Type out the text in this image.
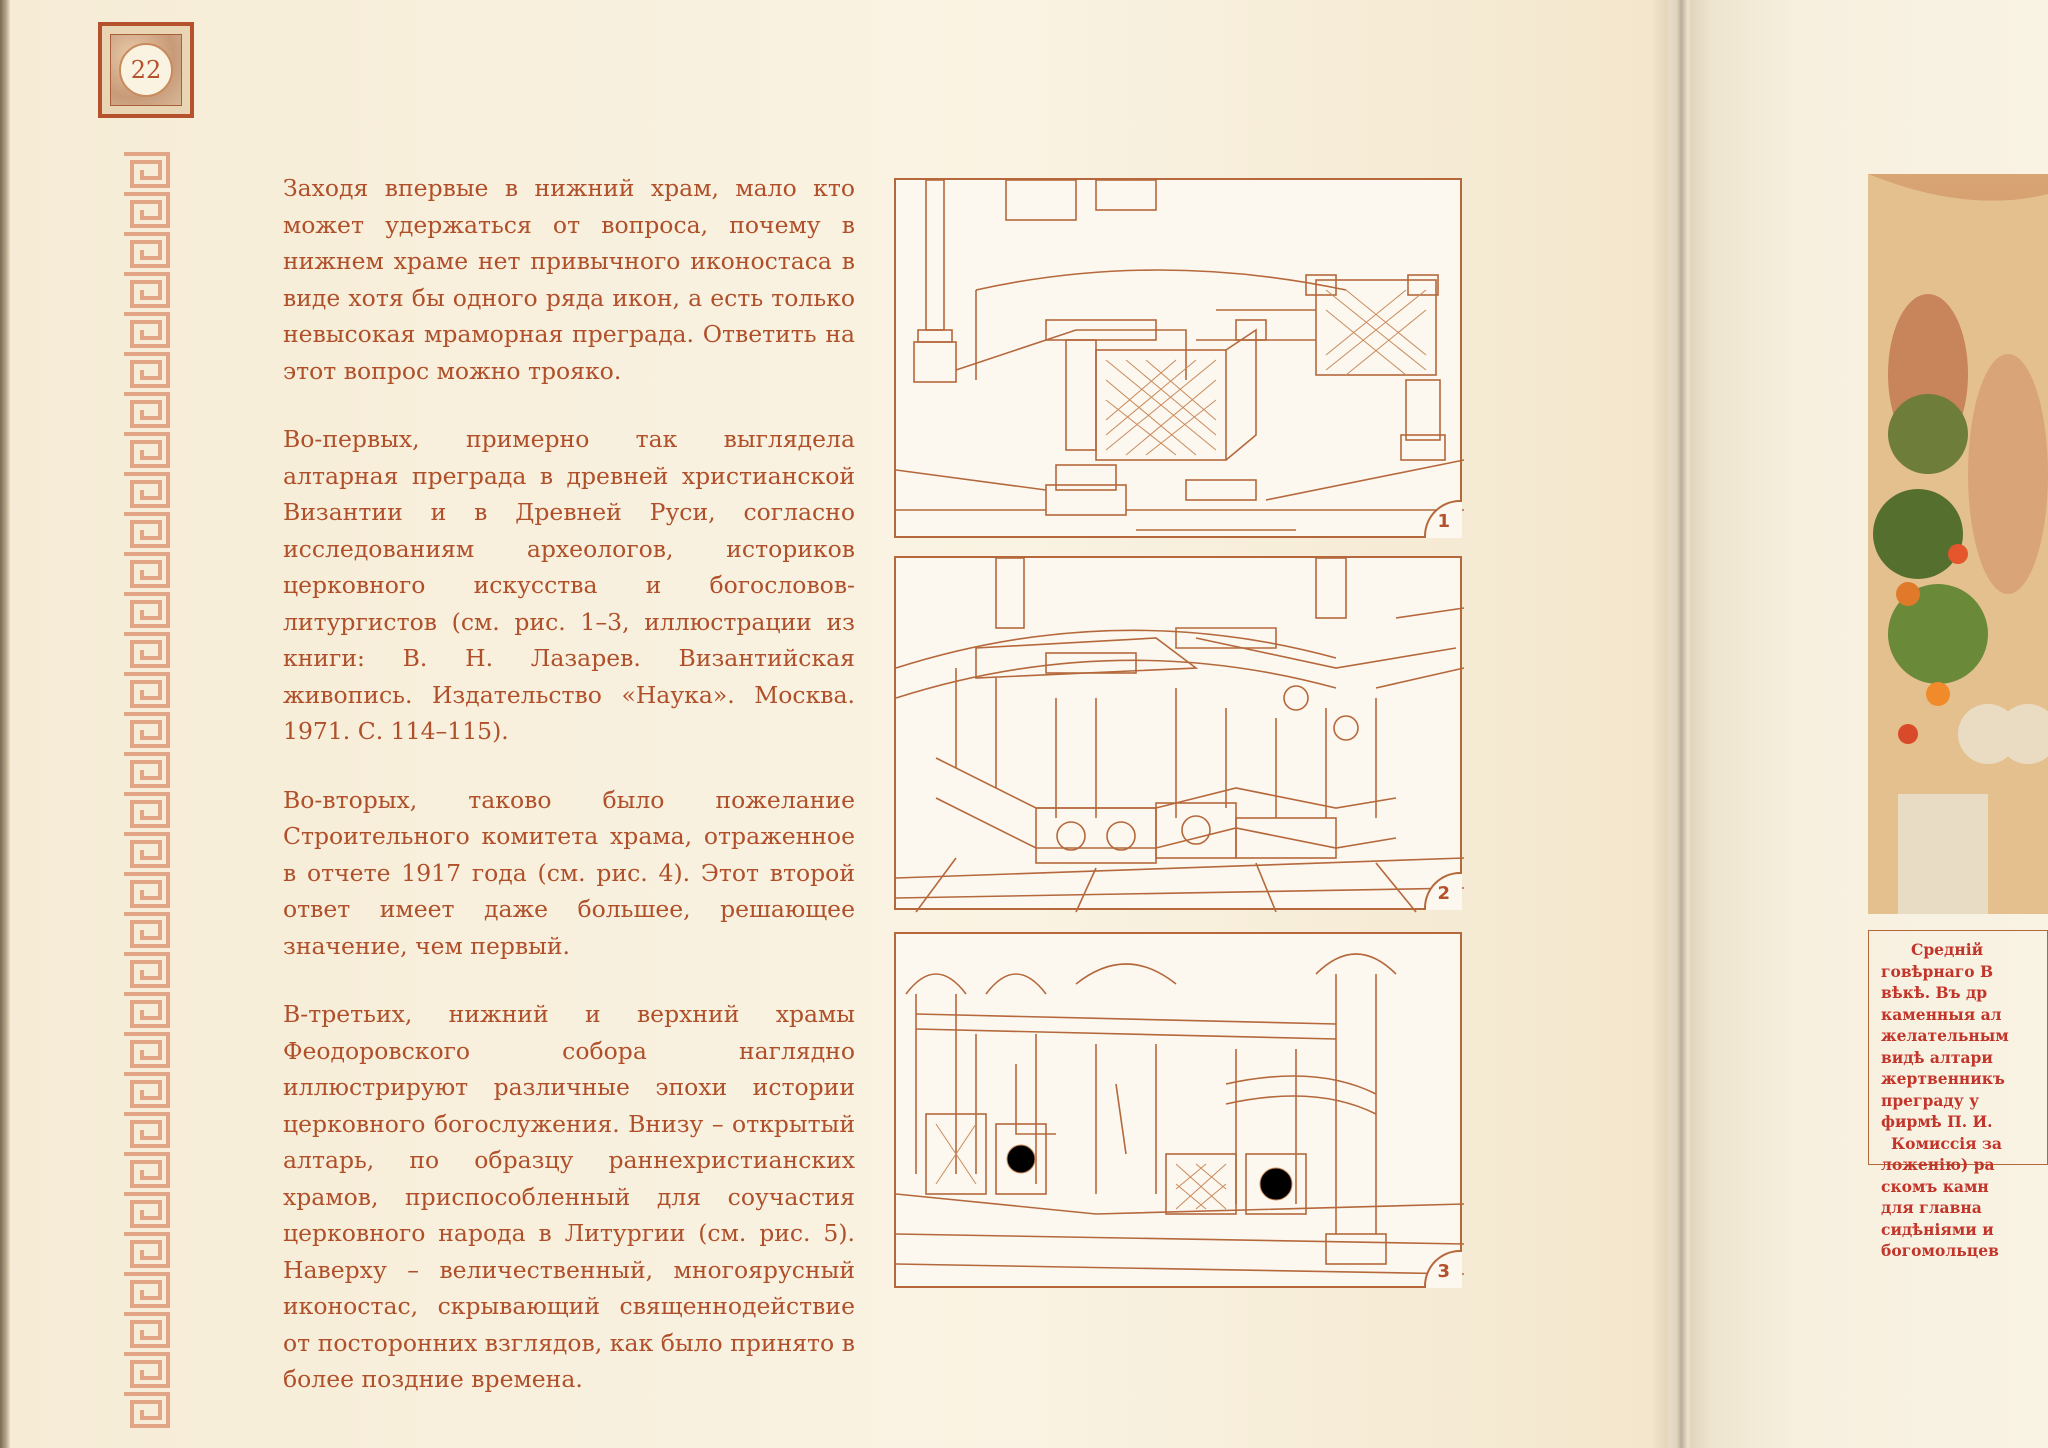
22

Заходя впервые в нижний храм, мало кто может удержаться от вопроса, почему в нижнем храме нет привычного иконостаса в виде хотя бы одного ряда икон, а есть только невысокая мраморная преграда. Ответить на этот вопрос можно трояко.

Во-первых, примерно так выглядела алтарная преграда в древней христианской Византии и в Древней Руси, согласно исследованиям археологов, историков церковного искусства и богословов-литургистов (см. рис. 1–3, иллюстрации из книги: В. Н. Лазарев. Византийская живопись. Издательство «Наука». Москва. 1971. С. 114–115).

Во-вторых, таково было пожелание Строительного комитета храма, отраженное в отчете 1917 года (см. рис. 4). Этот второй ответ имеет даже большее, решающее значение, чем первый.

В-третьих, нижний и верхний храмы Феодоровского собора наглядно иллюстрируют различные эпохи истории церковного богослужения. Внизу – открытый алтарь, по образцу раннехристианских храмов, приспособленный для соучастия церковного народа в Литургии (см. рис. 5). Наверху – величественный, многоярусный иконостас, скрывающий священнодействие от посторонних взглядов, как было принято в более поздние времена.

1
2
3
Средній
говѣрнаго В
вѣкѣ. Въ др
каменныя ал
желательным
видѣ алтари
жертвенникъ
преграду у
фирмѣ П. И.
Комиссія за
ложенію) ра
скомъ камн
для главна
сидѣніями и
богомольцев
